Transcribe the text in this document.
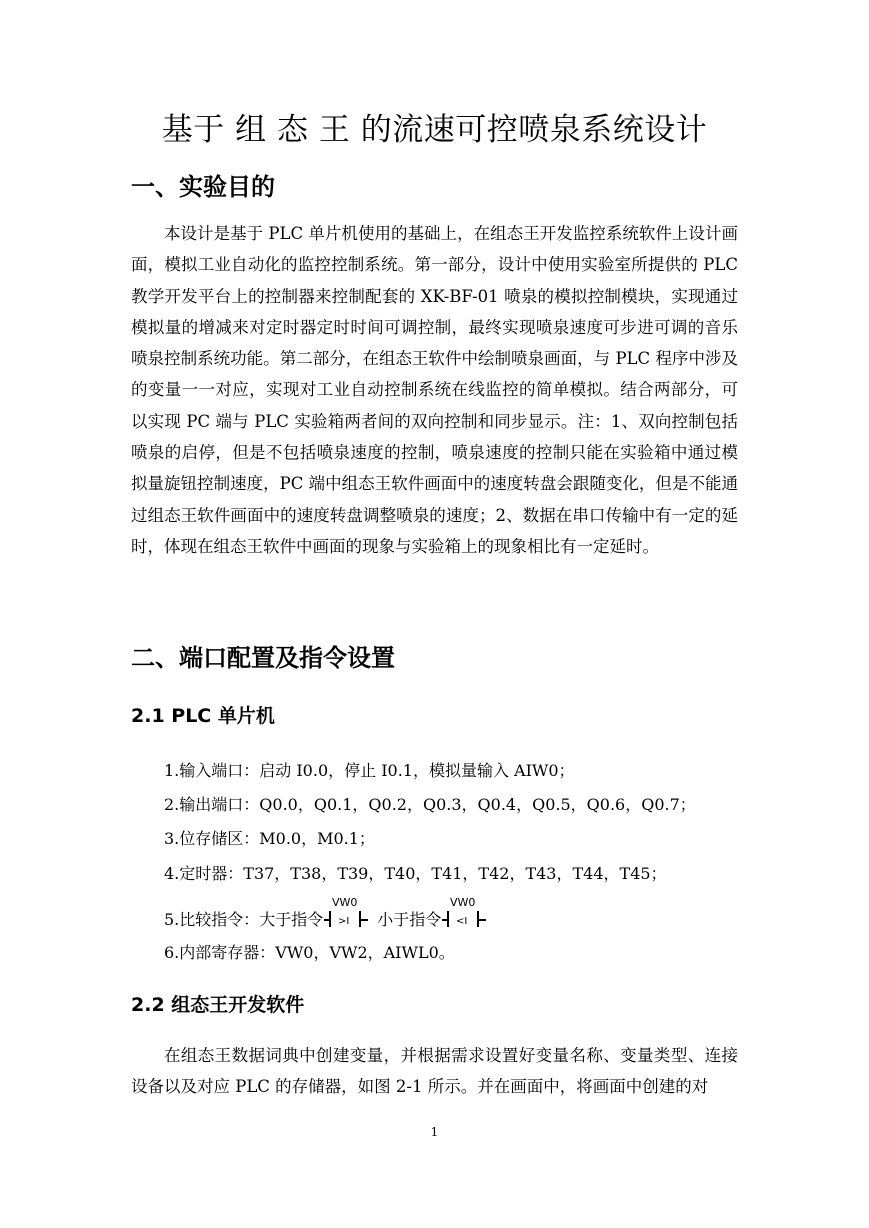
基于 组 态 王 的流速可控喷泉系统设计
一、实验目的
本设计是基于 PLC 单片机使用的基础上，在组态王开发监控系统软件上设计画面，模拟工业自动化的监控控制系统。第一部分，设计中使用实验室所提供的 PLC 教学开发平台上的控制器来控制配套的 XK-BF-01 喷泉的模拟控制模块，实现通过模拟量的增减来对定时器定时时间可调控制，最终实现喷泉速度可步进可调的音乐喷泉控制系统功能。第二部分，在组态王软件中绘制喷泉画面，与 PLC 程序中涉及的变量一一对应，实现对工业自动控制系统在线监控的简单模拟。结合两部分，可以实现 PC 端与 PLC 实验箱两者间的双向控制和同步显示。注：1、双向控制包括喷泉的启停，但是不包括喷泉速度的控制，喷泉速度的控制只能在实验箱中通过模拟量旋钮控制速度，PC 端中组态王软件画面中的速度转盘会跟随变化，但是不能通过组态王软件画面中的速度转盘调整喷泉的速度；2、数据在串口传输中有一定的延时，体现在组态王软件中画面的现象与实验箱上的现象相比有一定延时。
二、端口配置及指令设置
2.1 PLC 单片机
1.输入端口：启动 I0.0，停止 I0.1，模拟量输入 AIW0；
2.输出端口：Q0.0，Q0.1，Q0.2，Q0.3，Q0.4，Q0.5，Q0.6，Q0.7；
3.位存储区：M0.0，M0.1；
4.定时器：T37，T38，T39，T40，T41，T42，T43，T44，T45；
5.比较指令：大于指令
VW0
>I 小于指令
VW0
<I
6.内部寄存器：VW0，VW2，AIWL0。
2.2 组态王开发软件
在组态王数据词典中创建变量，并根据需求设置好变量名称、变量类型、连接设备以及对应 PLC 的存储器，如图 2-1 所示。并在画面中，将画面中创建的对
1
